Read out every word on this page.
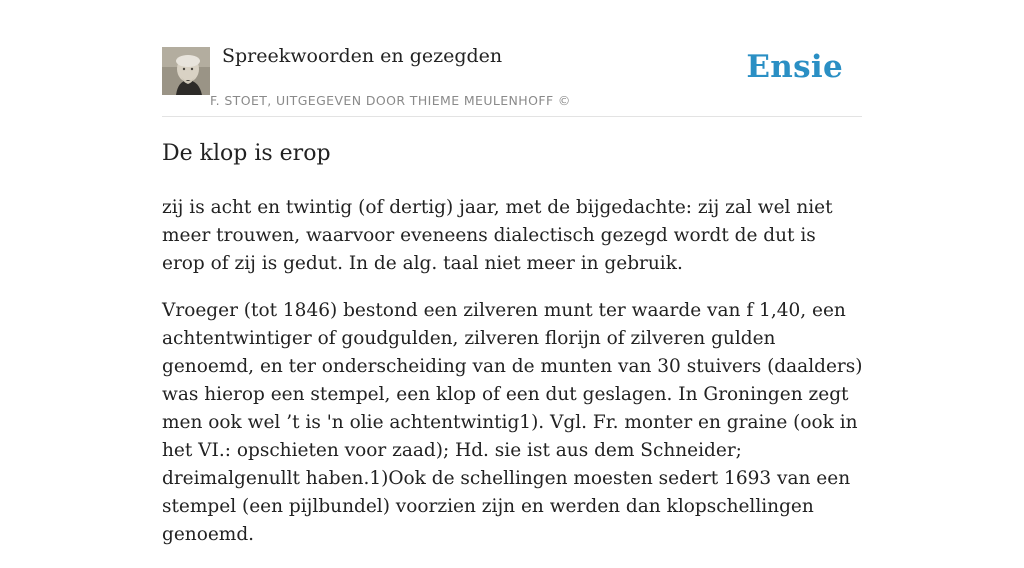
Spreekwoorden en gezegden
F. STOET, UITGEGEVEN DOOR THIEME MEULENHOFF ©
Ensie
De klop is erop

zij is acht en twintig (of dertig) jaar, met de bijgedachte: zij zal wel niet meer trouwen, waarvoor eveneens dialectisch gezegd wordt de dut is erop of zij is gedut. In de alg. taal niet meer in gebruik.

Vroeger (tot 1846) bestond een zilveren munt ter waarde van f 1,40, een achtentwintiger of goudgulden, zilveren florijn of zilveren gulden genoemd, en ter onderscheiding van de munten van 30 stuivers (daalders) was hierop een stempel, een klop of een dut geslagen. In Groningen zegt men ook wel ’t is 'n olie achtentwintig1). Vgl. Fr. monter en graine (ook in het VI.: opschieten voor zaad); Hd. sie ist aus dem Schneider; dreimalgenullt haben.1)Ook de schellingen moesten sedert 1693 van een stempel (een pijlbundel) voorzien zijn en werden dan klopschellingen genoemd.
